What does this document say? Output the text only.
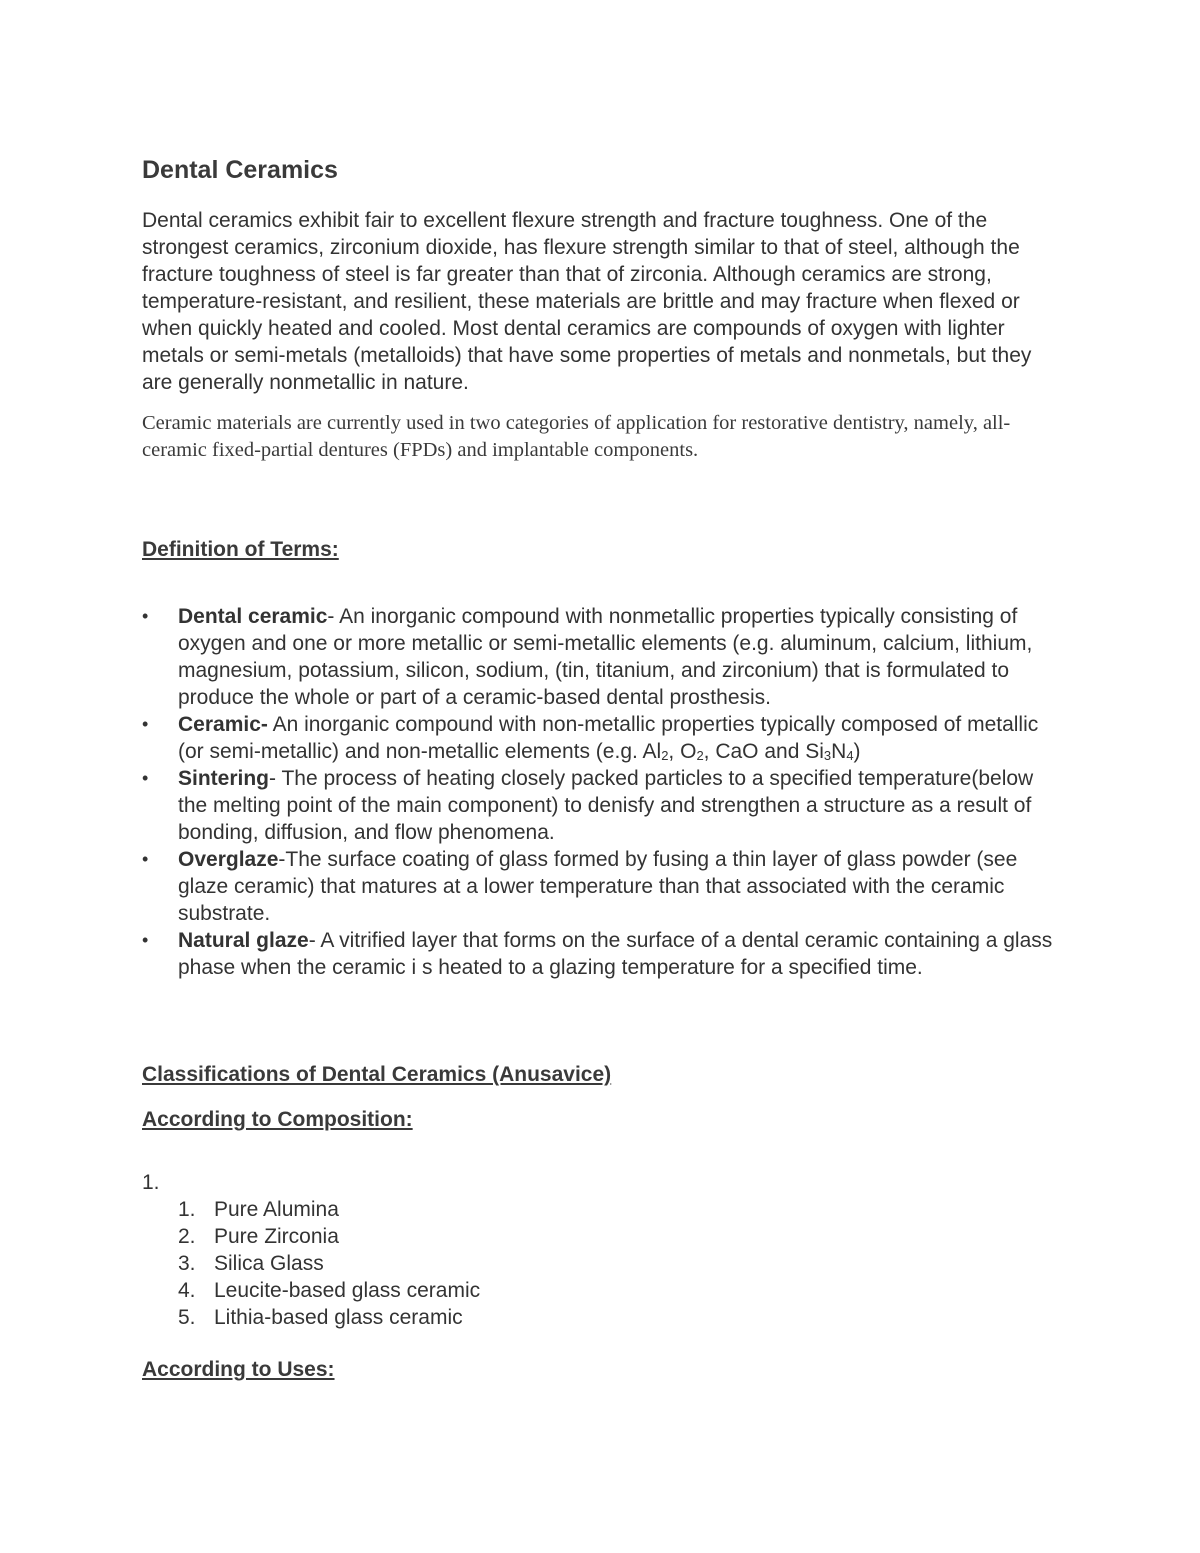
Dental Ceramics

Dental ceramics exhibit fair to excellent flexure strength and fracture toughness. One of the strongest ceramics, zirconium dioxide, has flexure strength similar to that of steel, although the fracture toughness of steel is far greater than that of zirconia. Although ceramics are strong, temperature-resistant, and resilient, these materials are brittle and may fracture when flexed or when quickly heated and cooled. Most dental ceramics are compounds of oxygen with lighter metals or semi-metals (metalloids) that have some properties of metals and nonmetals, but they are generally nonmetallic in nature.

Ceramic materials are currently used in two categories of application for restorative dentistry, namely, all-ceramic fixed-partial dentures (FPDs) and implantable components.

Definition of Terms:
•	Dental ceramic- An inorganic compound with nonmetallic properties typically consisting of oxygen and one or more metallic or semi-metallic elements (e.g. aluminum, calcium, lithium, magnesium, potassium, silicon, sodium, (tin, titanium, and zirconium) that is formulated to produce the whole or part of a ceramic-based dental prosthesis.
•	Ceramic- An inorganic compound with non-metallic properties typically composed of metallic (or semi-metallic) and non-metallic elements (e.g. $Al_2$, $O_2$, CaO and $Si_3N_4$)
•	Sintering- The process of heating closely packed particles to a specified temperature(below the melting point of the main component) to denisfy and strengthen a structure as a result of bonding, diffusion, and flow phenomena.
•	Overglaze-The surface coating of glass formed by fusing a thin layer of glass powder (see glaze ceramic) that matures at a lower temperature than that associated with the ceramic substrate.
•	Natural glaze- A vitrified layer that forms on the surface of a dental ceramic containing a glass phase when the ceramic i s heated to a glazing temperature for a specified time.
Classifications of Dental Ceramics (Anusavice)
According to Composition:
1.
1. Pure Alumina
2. Pure Zirconia
3. Silica Glass
4. Leucite-based glass ceramic
5. Lithia-based glass ceramic
According to Uses:
